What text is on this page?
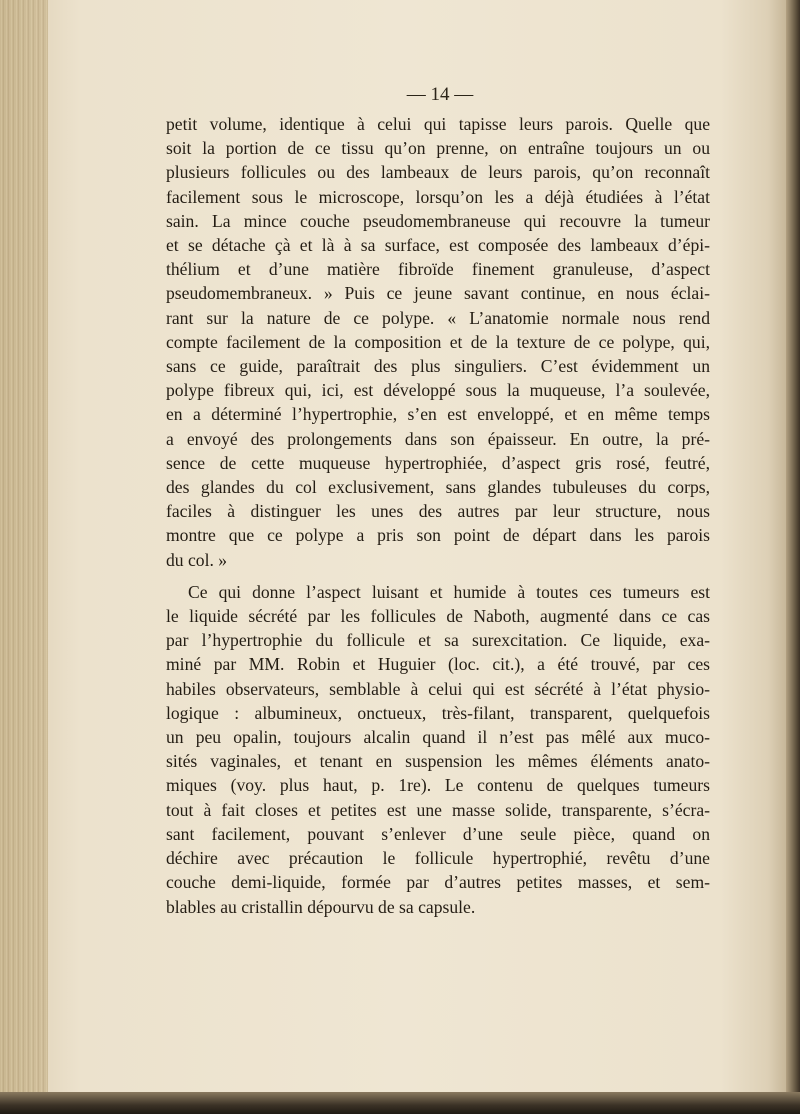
— 14 —
petit volume, identique à celui qui tapisse leurs parois. Quelle que
soit la portion de ce tissu qu’on prenne, on entraîne toujours un ou
plusieurs follicules ou des lambeaux de leurs parois, qu’on reconnaît
facilement sous le microscope, lorsqu’on les a déjà étudiées à l’état
sain. La mince couche pseudomembraneuse qui recouvre la tumeur
et se détache çà et là à sa surface, est composée des lambeaux d’épi-
thélium et d’une matière fibroïde finement granuleuse, d’aspect
pseudomembraneux. » Puis ce jeune savant continue, en nous éclai-
rant sur la nature de ce polype. « L’anatomie normale nous rend
compte facilement de la composition et de la texture de ce polype, qui,
sans ce guide, paraîtrait des plus singuliers. C’est évidemment un
polype fibreux qui, ici, est développé sous la muqueuse, l’a soulevée,
en a déterminé l’hypertrophie, s’en est enveloppé, et en même temps
a envoyé des prolongements dans son épaisseur. En outre, la pré-
sence de cette muqueuse hypertrophiée, d’aspect gris rosé, feutré,
des glandes du col exclusivement, sans glandes tubuleuses du corps,
faciles à distinguer les unes des autres par leur structure, nous
montre que ce polype a pris son point de départ dans les parois
du col. »
Ce qui donne l’aspect luisant et humide à toutes ces tumeurs est
le liquide sécrété par les follicules de Naboth, augmenté dans ce cas
par l’hypertrophie du follicule et sa surexcitation. Ce liquide, exa-
miné par MM. Robin et Huguier (loc. cit.), a été trouvé, par ces
habiles observateurs, semblable à celui qui est sécrété à l’état physio-
logique : albumineux, onctueux, très-filant, transparent, quelquefois
un peu opalin, toujours alcalin quand il n’est pas mêlé aux muco-
sités vaginales, et tenant en suspension les mêmes éléments anato-
miques (voy. plus haut, p. 1re). Le contenu de quelques tumeurs
tout à fait closes et petites est une masse solide, transparente, s’écra-
sant facilement, pouvant s’enlever d’une seule pièce, quand on
déchire avec précaution le follicule hypertrophié, revêtu d’une
couche demi-liquide, formée par d’autres petites masses, et sem-
blables au cristallin dépourvu de sa capsule.
